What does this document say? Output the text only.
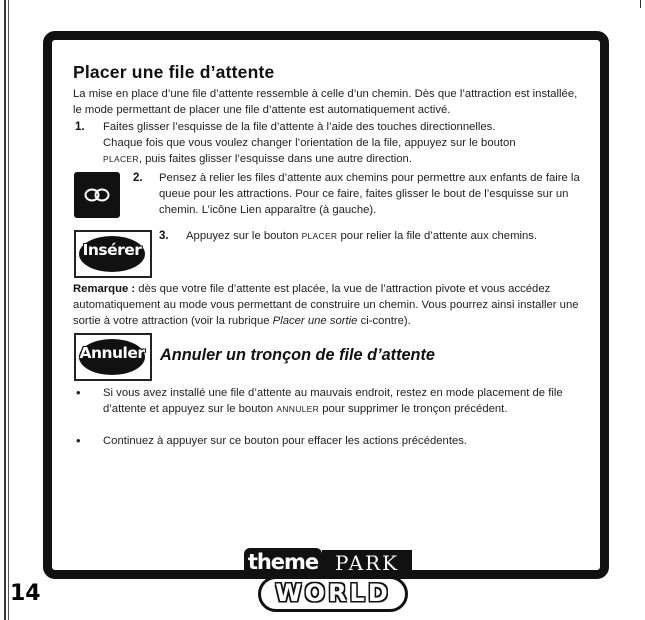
Placer une file d’attente
La mise en place d’une file d’attente ressemble à celle d’un chemin. Dès que l’attraction est installée, le mode permettant de placer une file d’attente est automatiquement activé.
1. Faites glisser l’esquisse de la file d’attente à l’aide des touches directionnelles.
Chaque fois que vous voulez changer l’orientation de la file, appuyez sur le bouton
PLACER, puis faites glisser l’esquisse dans une autre direction.
2. Pensez à relier les files d’attente aux chemins pour permettre aux enfants de faire la queue pour les attractions. Pour ce faire, faites glisser le bout de l’esquisse sur un chemin. L’icône Lien apparaître (à gauche).
Insérer
3. Appuyez sur le bouton PLACER pour relier la file d’attente aux chemins.
Remarque : dès que votre file d’attente est placée, la vue de l’attraction pivote et vous accédez automatiquement au mode vous permettant de construire un chemin. Vous pourrez ainsi installer une sortie à votre attraction (voir la rubrique Placer une sortie ci-contre).
Annuler Annuler un tronçon de file d’attente
• Si vous avez installé une file d’attente au mauvais endroit, restez en mode placement de file d’attente et appuyez sur le bouton ANNULER pour supprimer le tronçon précédent.
• Continuez à appuyer sur ce bouton pour effacer les actions précédentes.
14
theme PARK
WORLD
